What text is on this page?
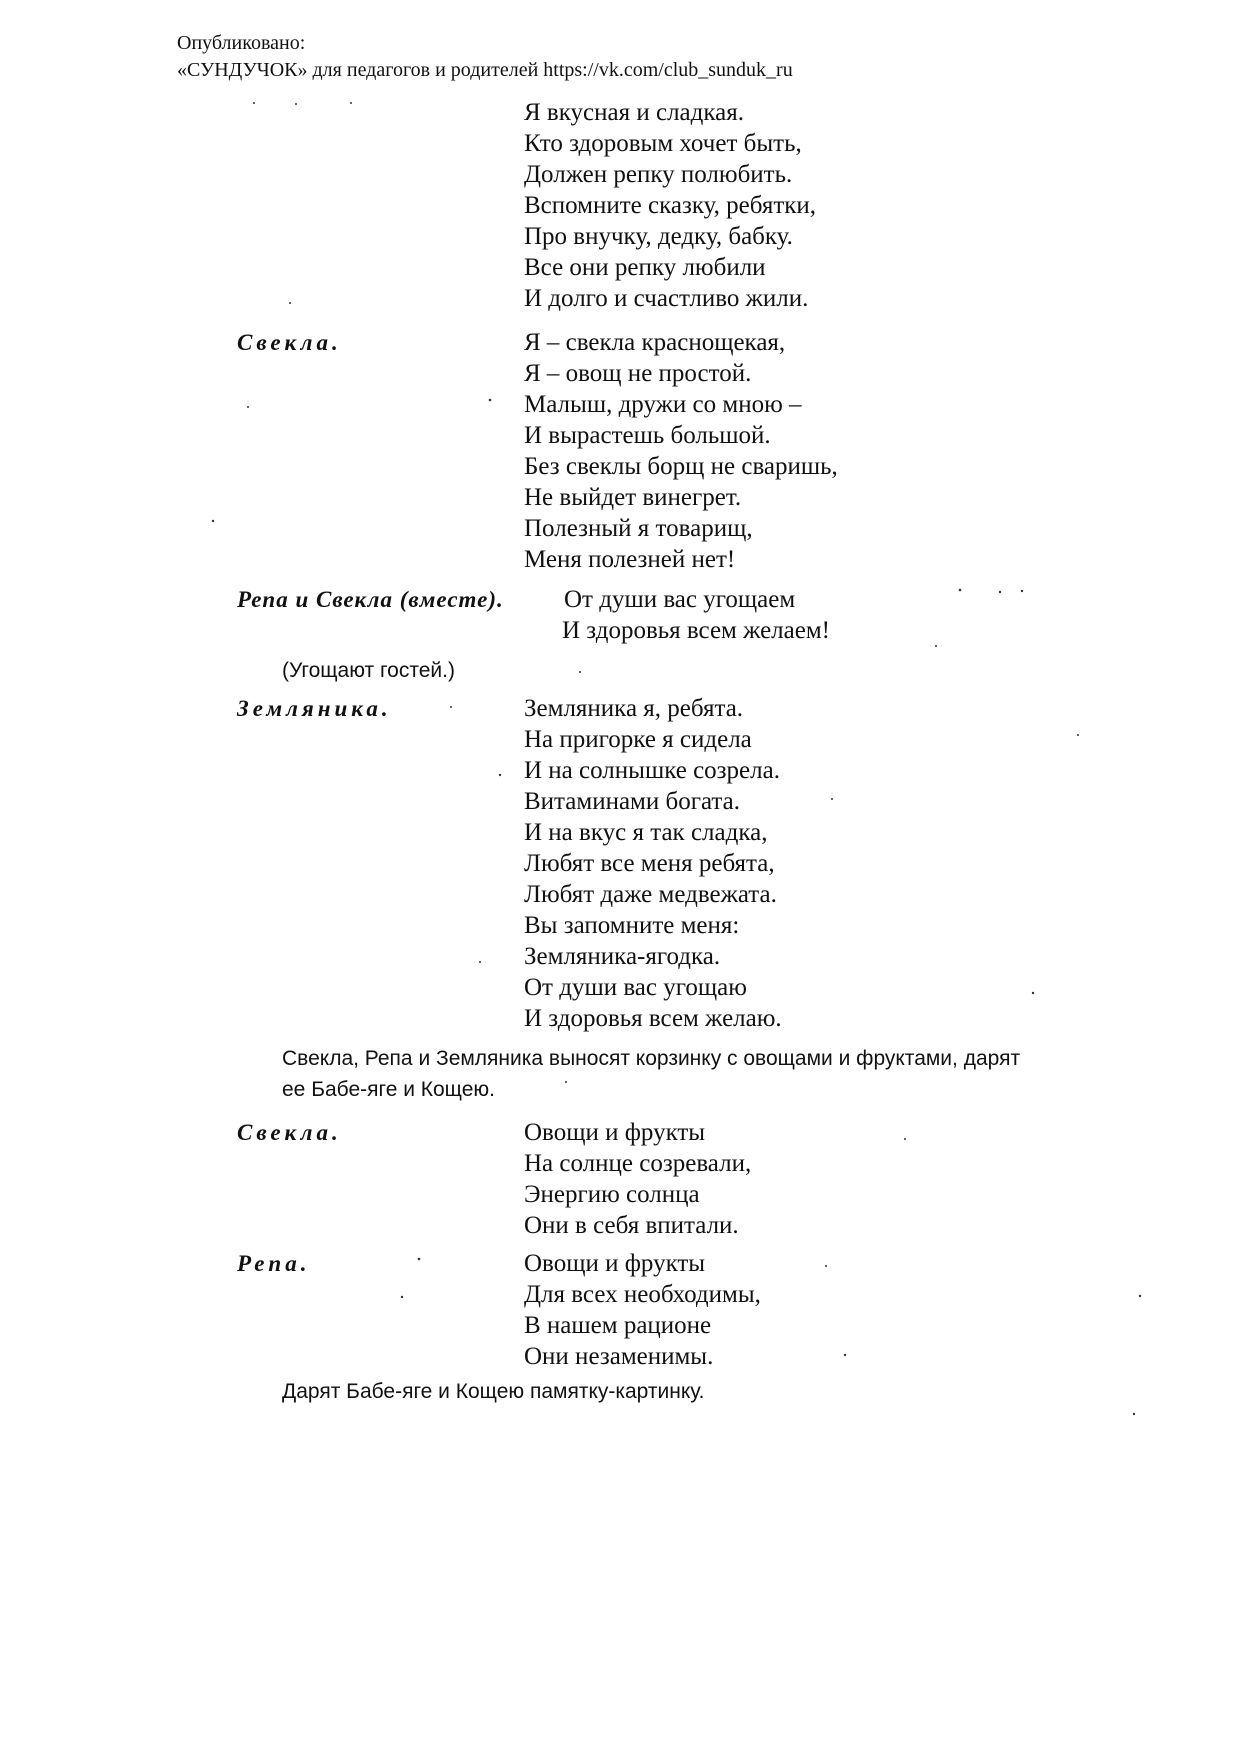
Опубликовано:
«СУНДУЧОК» для педагогов и родителей https://vk.com/club_sunduk_ru
Я вкусная и сладкая.
Кто здоровым хочет быть,
Должен репку полюбить.
Вспомните сказку, ребятки,
Про внучку, дедку, бабку.
Все они репку любили
И долго и счастливо жили.
Свекла.	Я – свекла краснощекая,
Я – овощ не простой.
Малыш, дружи со мною –
И вырастешь большой.
Без свеклы борщ не сваришь,
Не выйдет винегрет.
Полезный я товарищ,
Меня полезней нет!
Репа и Свекла (вместе). От души вас угощаем
И здоровья всем желаем!
(Угощают гостей.)
Земляника.	Земляника я, ребята.
На пригорке я сидела
И на солнышке созрела.
Витаминами богата.
И на вкус я так сладка,
Любят все меня ребята,
Любят даже медвежата.
Вы запомните меня:
Земляника-ягодка.
От души вас угощаю
И здоровья всем желаю.
Свекла, Репа и Земляника выносят корзинку с овощами и фруктами, дарят
ее Бабе-яге и Кощею.
Свекла.	Овощи и фрукты
На солнце созревали,
Энергию солнца
Они в себя впитали.
Репа.	Овощи и фрукты
Для всех необходимы,
В нашем рационе
Они незаменимы.
Дарят Бабе-яге и Кощею памятку-картинку.
